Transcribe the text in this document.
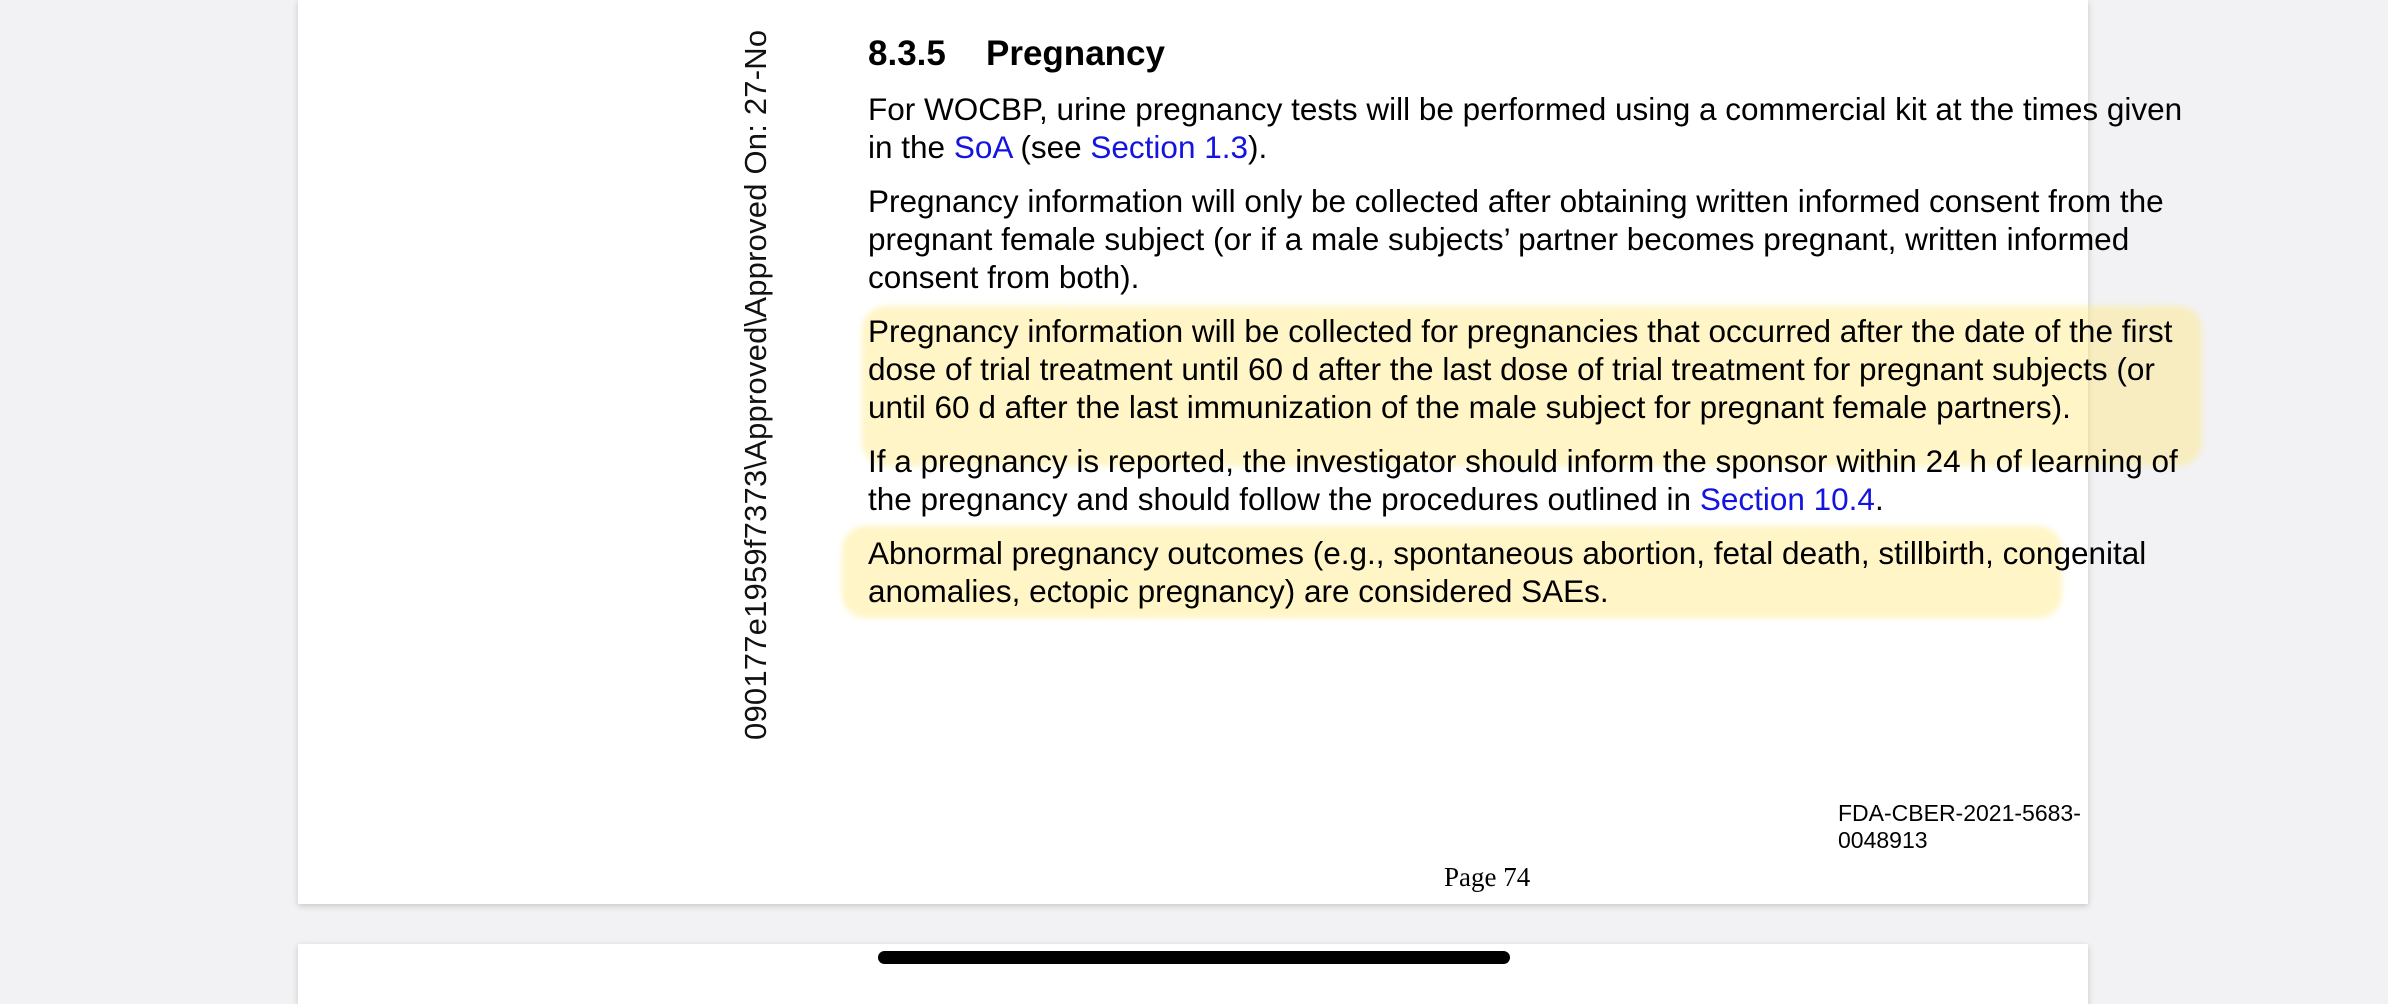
090177e1959f7373\Approved\Approved On: 27-No	8.3.5 Pregnancy

For WOCBP, urine pregnancy tests will be performed using a commercial kit at the times given in the SoA (see Section 1.3).

Pregnancy information will only be collected after obtaining written informed consent from the pregnant female subject (or if a male subjects’ partner becomes pregnant, written informed consent from both).

Pregnancy information will be collected for pregnancies that occurred after the date of the first dose of trial treatment until 60 d after the last dose of trial treatment for pregnant subjects (or until 60 d after the last immunization of the male subject for pregnant female partners).

If a pregnancy is reported, the investigator should inform the sponsor within 24 h of learning of the pregnancy and should follow the procedures outlined in Section 10.4.

Abnormal pregnancy outcomes (e.g., spontaneous abortion, fetal death, stillbirth, congenital anomalies, ectopic pregnancy) are considered SAEs.

FDA-CBER-2021-5683-0048913
Page 74
